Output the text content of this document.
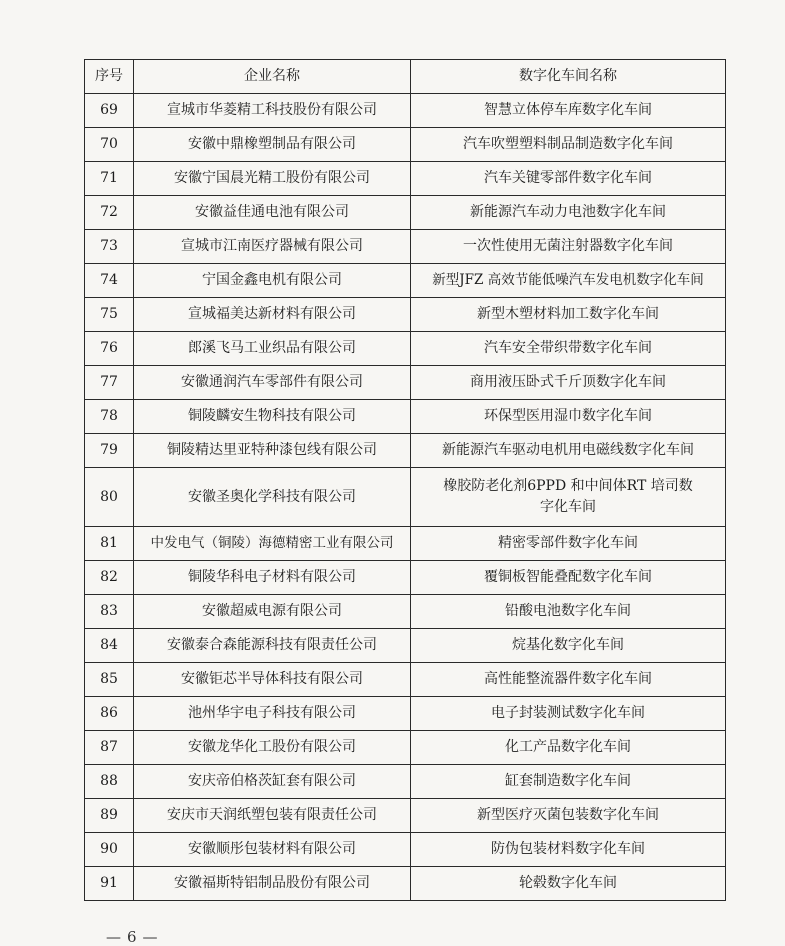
序号	企业名称	数字化车间名称
69	宣城市华菱精工科技股份有限公司	智慧立体停车库数字化车间
70	安徽中鼎橡塑制品有限公司	汽车吹塑塑料制品制造数字化车间
71	安徽宁国晨光精工股份有限公司	汽车关键零部件数字化车间
72	安徽益佳通电池有限公司	新能源汽车动力电池数字化车间
73	宣城市江南医疗器械有限公司	一次性使用无菌注射器数字化车间
74	宁国金鑫电机有限公司	新型JFZ 高效节能低噪汽车发电机数字化车间
75	宣城福美达新材料有限公司	新型木塑材料加工数字化车间
76	郎溪飞马工业织品有限公司	汽车安全带织带数字化车间
77	安徽通润汽车零部件有限公司	商用液压卧式千斤顶数字化车间
78	铜陵麟安生物科技有限公司	环保型医用湿巾数字化车间
79	铜陵精达里亚特种漆包线有限公司	新能源汽车驱动电机用电磁线数字化车间
80	安徽圣奥化学科技有限公司	橡胶防老化剂6PPD 和中间体RT 培司数字化车间
81	中发电气（铜陵）海德精密工业有限公司	精密零部件数字化车间
82	铜陵华科电子材料有限公司	覆铜板智能叠配数字化车间
83	安徽超威电源有限公司	铅酸电池数字化车间
84	安徽泰合森能源科技有限责任公司	烷基化数字化车间
85	安徽钜芯半导体科技有限公司	高性能整流器件数字化车间
86	池州华宇电子科技有限公司	电子封装测试数字化车间
87	安徽龙华化工股份有限公司	化工产品数字化车间
88	安庆帝伯格茨缸套有限公司	缸套制造数字化车间
89	安庆市天润纸塑包装有限责任公司	新型医疗灭菌包装数字化车间
90	安徽顺彤包装材料有限公司	防伪包装材料数字化车间
91	安徽福斯特铝制品股份有限公司	轮毂数字化车间
—6—
